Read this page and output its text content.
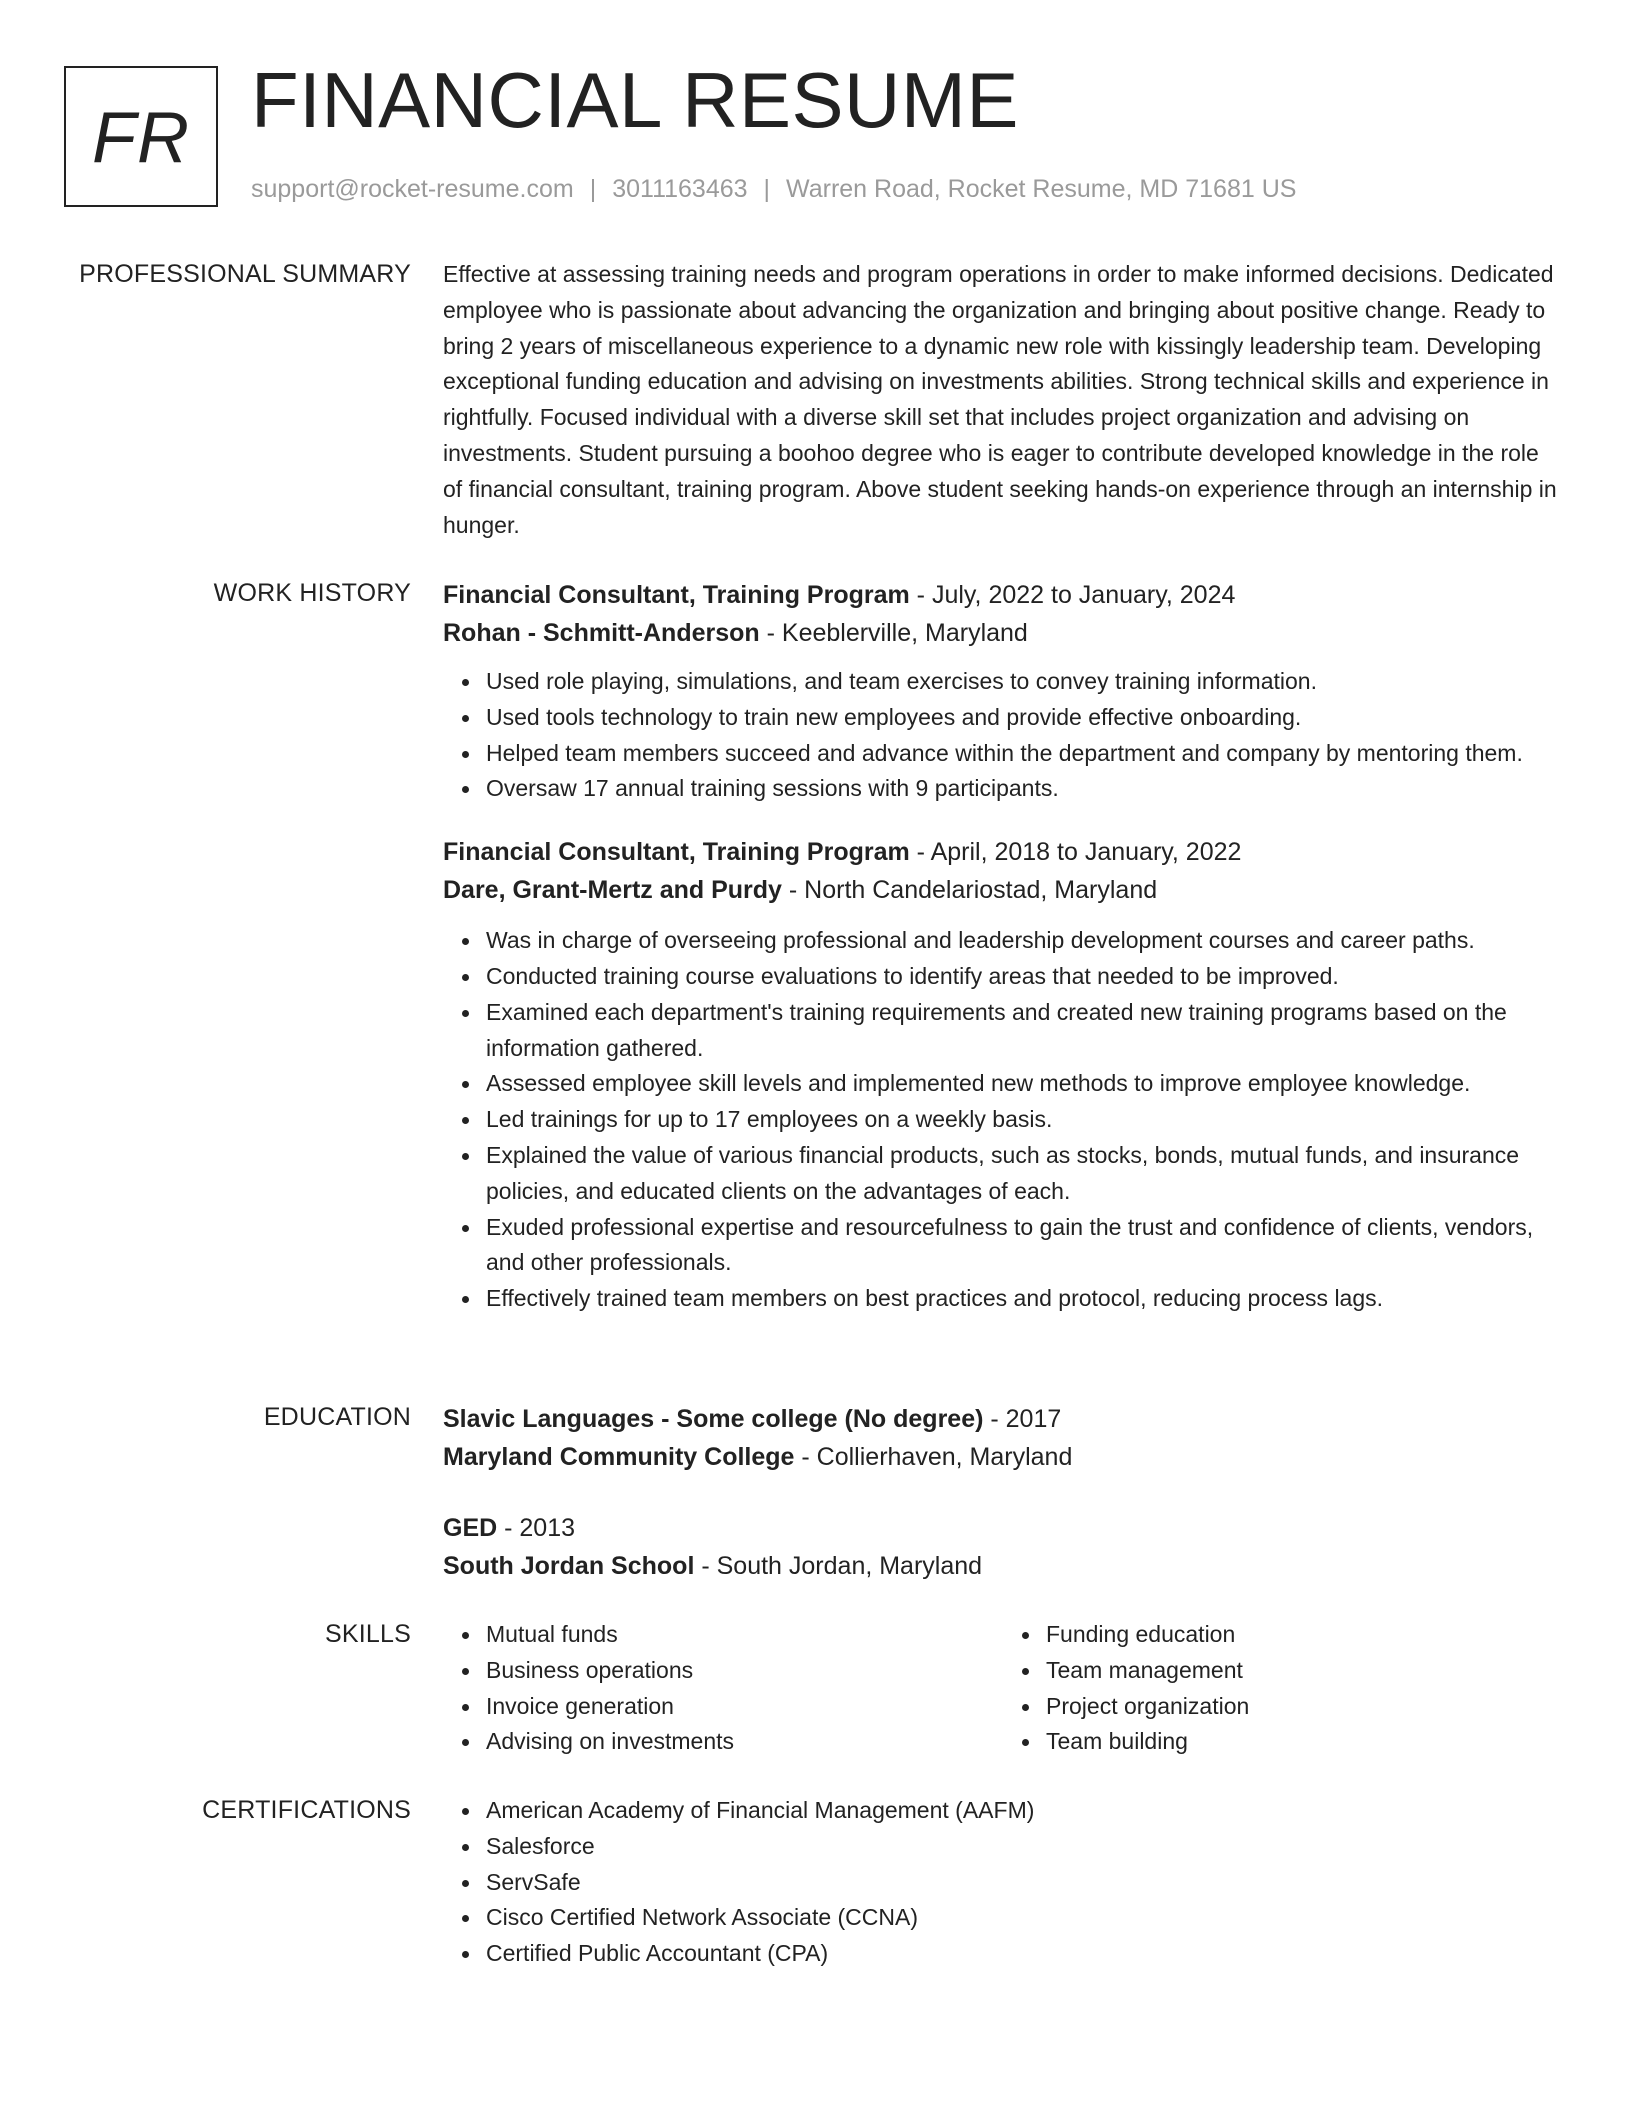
FR FINANCIAL RESUME
support@rocket-resume.com | 3011163463 | Warren Road, Rocket Resume, MD 71681 US
PROFESSIONAL SUMMARY Effective at assessing training needs and program operations in order to make informed decisions. Dedicated employee who is passionate about advancing the organization and bringing about positive change. Ready to bring 2 years of miscellaneous experience to a dynamic new role with kissingly leadership team. Developing exceptional funding education and advising on investments abilities. Strong technical skills and experience in rightfully. Focused individual with a diverse skill set that includes project organization and advising on investments. Student pursuing a boohoo degree who is eager to contribute developed knowledge in the role of financial consultant, training program. Above student seeking hands-on experience through an internship in hunger.

WORK HISTORY Financial Consultant, Training Program - July, 2022 to January, 2024
Rohan - Schmitt-Anderson - Keeblerville, Maryland
Used role playing, simulations, and team exercises to convey training information.
Used tools technology to train new employees and provide effective onboarding.
Helped team members succeed and advance within the department and company by mentoring them.
Oversaw 17 annual training sessions with 9 participants.
Financial Consultant, Training Program - April, 2018 to January, 2022
Dare, Grant-Mertz and Purdy - North Candelariostad, Maryland
Was in charge of overseeing professional and leadership development courses and career paths.
Conducted training course evaluations to identify areas that needed to be improved.
Examined each department's training requirements and created new training programs based on the information gathered.
Assessed employee skill levels and implemented new methods to improve employee knowledge.
Led trainings for up to 17 employees on a weekly basis.
Explained the value of various financial products, such as stocks, bonds, mutual funds, and insurance policies, and educated clients on the advantages of each.
Exuded professional expertise and resourcefulness to gain the trust and confidence of clients, vendors, and other professionals.
Effectively trained team members on best practices and protocol, reducing process lags.
EDUCATION Slavic Languages - Some college (No degree) - 2017
Maryland Community College - Collierhaven, Maryland
GED - 2013
South Jordan School - South Jordan, Maryland
SKILLS	Mutual funds
Business operations
Invoice generation
Advising on investments
Funding education
Team management
Project organization
Team building
CERTIFICATIONS	American Academy of Financial Management (AAFM)
Salesforce
ServSafe
Cisco Certified Network Associate (CCNA)
Certified Public Accountant (CPA)
